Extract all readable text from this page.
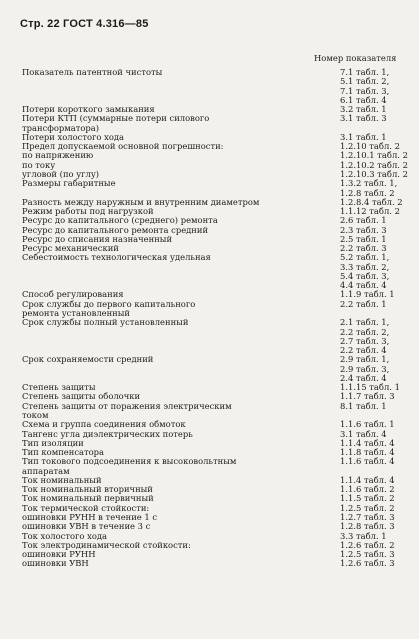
Стр. 22 ГОСТ 4.316—85
Номер показателя
Показатель патентной чистоты	7.1 табл. 1,
5.1 табл. 2,
7.1 табл. 3,
6.1 табл. 4
Потери короткого замыкания	3.2 табл. 1
Потери КТП (суммарные потери силового	3.1 табл. 3
трансформатора)
Потери холостого хода	3.1 табл. 1
Предел допускаемой основной погрешности:	1.2.10 табл. 2
по напряжению	1.2.10.1 табл. 2
по току	1.2.10.2 табл. 2
угловой (по углу)	1.2.10.3 табл. 2
Размеры габаритные	1.3.2 табл. 1,
1.2.8 табл. 2
Разность между наружным и внутренним диаметром	1.2.8.4 табл. 2
Режим работы под нагрузкой	1.1.12 табл. 2
Ресурс до капитального (среднего) ремонта	2.6 табл. 1
Ресурс до капитального ремонта средний	2.3 табл. 3
Ресурс до списания назначенный	2.5 табл. 1
Ресурс механический	2.2 табл. 3
Себестоимость технологическая удельная	5.2 табл. 1,
3.3 табл. 2,
5.4 табл. 3,
4.4 табл. 4
Способ регулирования	1.1.9 табл. 1
Срок службы до первого капитального	2.2 табл. 1
ремонта установленный
Срок службы полный установленный	2.1 табл. 1,
2.2 табл. 2,
2.7 табл. 3,
2.2 табл. 4
Срок сохраняемости средний	2.9 табл. 1,
2.9 табл. 3,
2.4 табл. 4
Степень защиты	1.1.15 табл. 1
Степень защиты оболочки	1.1.7 табл. 3
Степень защиты от поражения электрическим	8.1 табл. 1
током
Схема и группа соединения обмоток	1.1.6 табл. 1
Тангенс угла диэлектрических потерь	3.1 табл. 4
Тип изоляции	1.1.4 табл. 4
Тип компенсатора	1.1.8 табл. 4
Тип токового подсоединения к высоковольтным	1.1.6 табл. 4
аппаратам
Ток номинальный	1.1.4 табл. 4
Ток номинальный вторичный	1.1.6 табл. 2
Ток номинальный первичный	1.1.5 табл. 2
Ток термической стойкости:	1.2.5 табл. 2
ошиновки РУНН в течение 1 с	1.2.7 табл. 3
ошиновки УВН в течение 3 с	1.2.8 табл. 3
Ток холостого хода	3.3 табл. 1
Ток электродинамической стойкости:	1.2.6 табл. 2
ошиновки РУНН	1.2.5 табл. 3
ошиновки УВН	1.2.6 табл. 3
